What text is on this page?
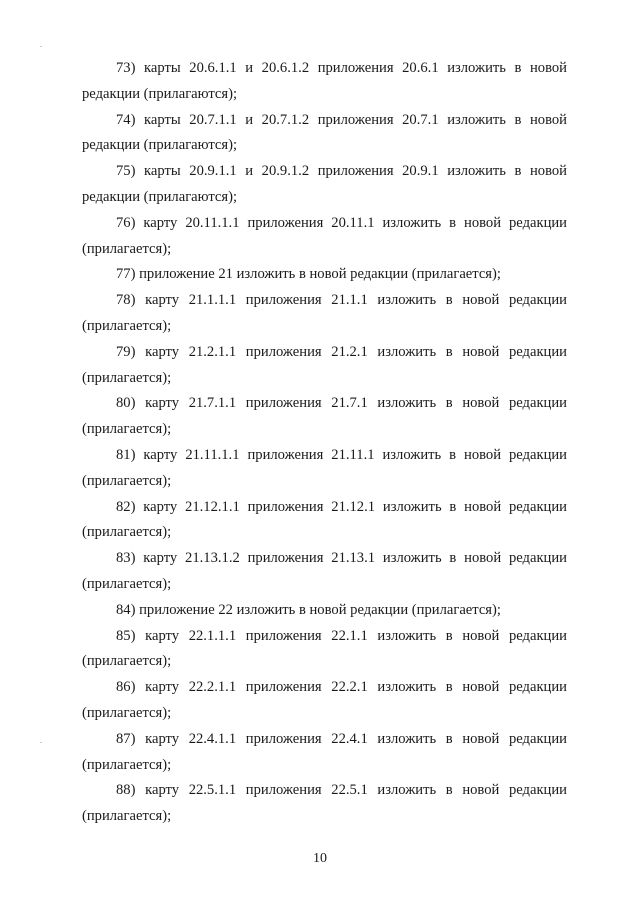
73) карты 20.6.1.1 и 20.6.1.2 приложения 20.6.1 изложить в новой редакции (прилагаются);

74) карты 20.7.1.1 и 20.7.1.2 приложения 20.7.1 изложить в новой редакции (прилагаются);

75) карты 20.9.1.1 и 20.9.1.2 приложения 20.9.1 изложить в новой редакции (прилагаются);

76) карту 20.11.1.1 приложения 20.11.1 изложить в новой редакции (прилагается);

77) приложение 21 изложить в новой редакции (прилагается);

78) карту 21.1.1.1 приложения 21.1.1 изложить в новой редакции (прилагается);

79) карту 21.2.1.1 приложения 21.2.1 изложить в новой редакции (прилагается);

80) карту 21.7.1.1 приложения 21.7.1 изложить в новой редакции (прилагается);

81) карту 21.11.1.1 приложения 21.11.1 изложить в новой редакции (прилагается);

82) карту 21.12.1.1 приложения 21.12.1 изложить в новой редакции (прилагается);

83) карту 21.13.1.2 приложения 21.13.1 изложить в новой редакции (прилагается);

84) приложение 22 изложить в новой редакции (прилагается);

85) карту 22.1.1.1 приложения 22.1.1 изложить в новой редакции (прилагается);

86) карту 22.2.1.1 приложения 22.2.1 изложить в новой редакции (прилагается);

87) карту 22.4.1.1 приложения 22.4.1 изложить в новой редакции (прилагается);

88) карту 22.5.1.1 приложения 22.5.1 изложить в новой редакции (прилагается);

10
